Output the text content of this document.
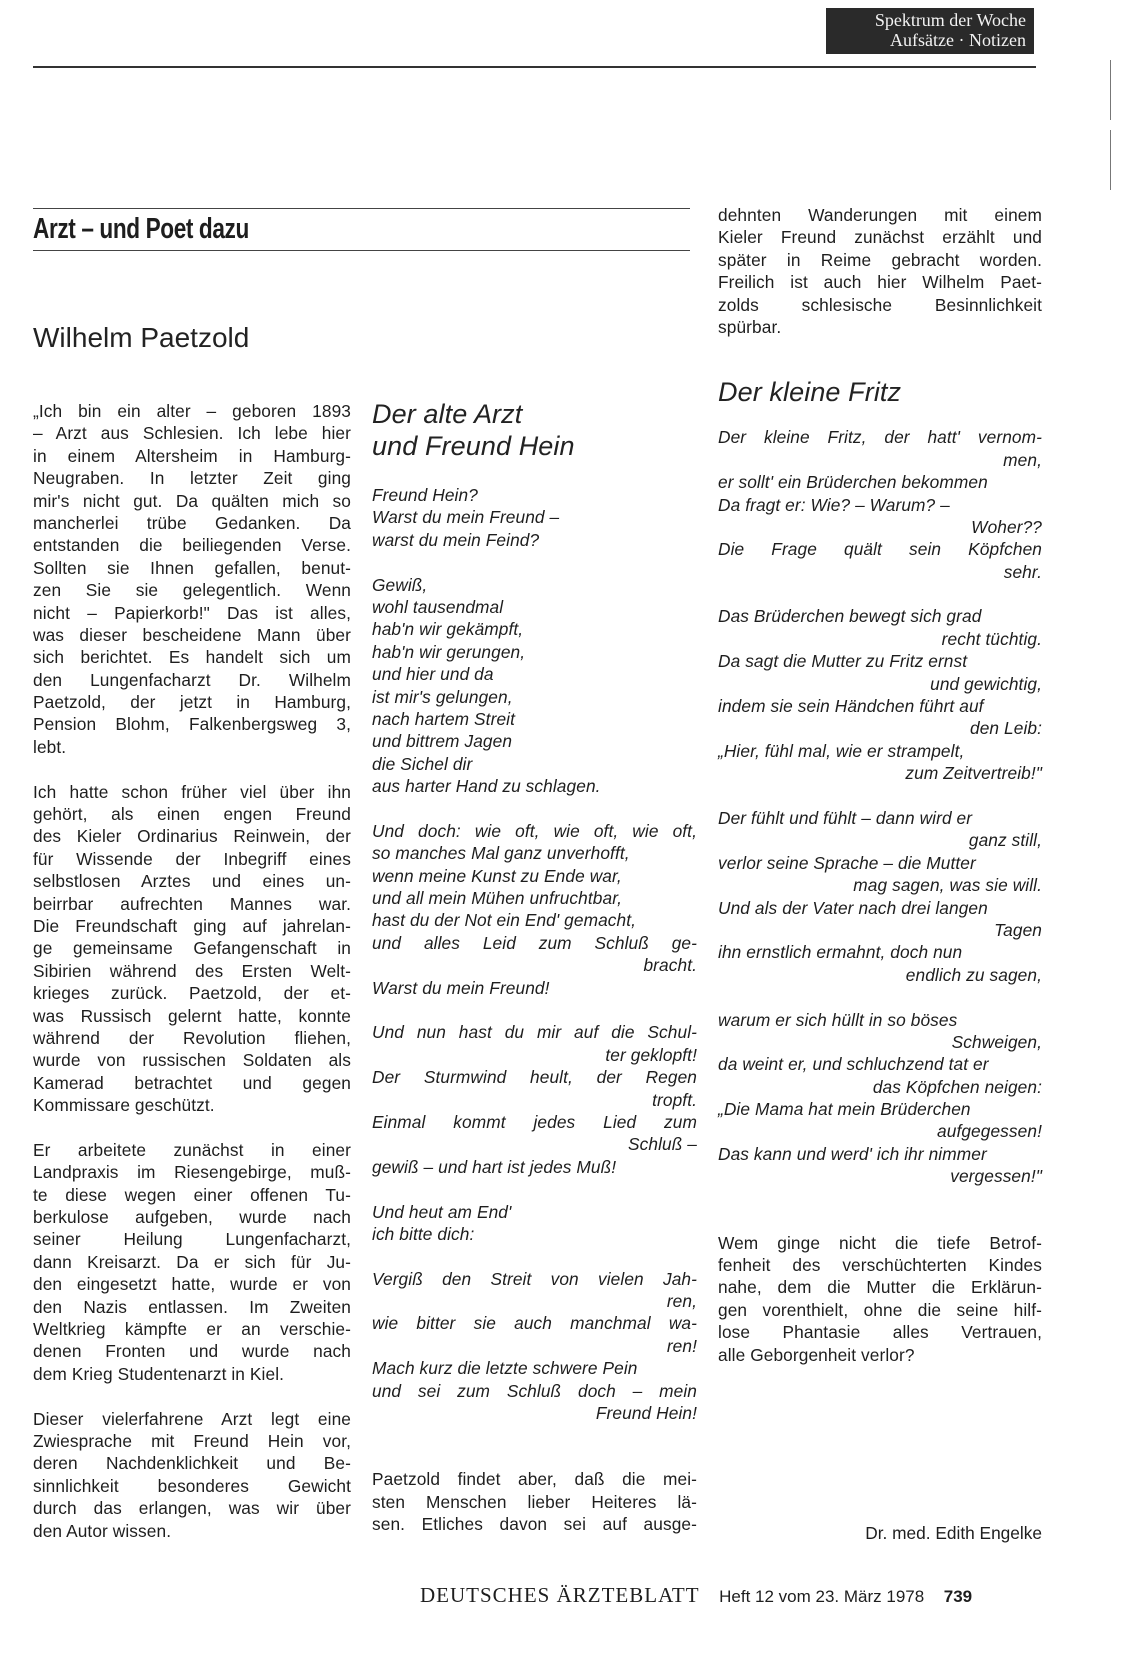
Spektrum der Woche
Aufsätze · Notizen
Arzt – und Poet dazu
Wilhelm Paetzold

„Ich bin ein alter – geboren 1893
– Arzt aus Schlesien. Ich lebe hier
in einem Altersheim in Hamburg-
Neugraben. In letzter Zeit ging
mir's nicht gut. Da quälten mich so
mancherlei trübe Gedanken. Da
entstanden die beiliegenden Verse.
Sollten sie Ihnen gefallen, benut-
zen Sie sie gelegentlich. Wenn
nicht – Papierkorb!" Das ist alles,
was dieser bescheidene Mann über
sich berichtet. Es handelt sich um
den Lungenfacharzt Dr. Wilhelm
Paetzold, der jetzt in Hamburg,
Pension Blohm, Falkenbergsweg 3,
lebt.

Ich hatte schon früher viel über ihn
gehört, als einen engen Freund
des Kieler Ordinarius Reinwein, der
für Wissende der Inbegriff eines
selbstlosen Arztes und eines un-
beirrbar aufrechten Mannes war.
Die Freundschaft ging auf jahrelan-
ge gemeinsame Gefangenschaft in
Sibirien während des Ersten Welt-
krieges zurück. Paetzold, der et-
was Russisch gelernt hatte, konnte
während der Revolution fliehen,
wurde von russischen Soldaten als
Kamerad betrachtet und gegen
Kommissare geschützt.

Er arbeitete zunächst in einer
Landpraxis im Riesengebirge, muß-
te diese wegen einer offenen Tu-
berkulose aufgeben, wurde nach
seiner Heilung Lungenfacharzt,
dann Kreisarzt. Da er sich für Ju-
den eingesetzt hatte, wurde er von
den Nazis entlassen. Im Zweiten
Weltkrieg kämpfte er an verschie-
denen Fronten und wurde nach
dem Krieg Studentenarzt in Kiel.

Dieser vielerfahrene Arzt legt eine
Zwiesprache mit Freund Hein vor,
deren Nachdenklichkeit und Be-
sinnlichkeit besonderes Gewicht
durch das erlangen, was wir über
den Autor wissen.

Der alte Arzt
und Freund Hein

Freund Hein?
Warst du mein Freund –
warst du mein Feind?

Gewiß,
wohl tausendmal
hab'n wir gekämpft,
hab'n wir gerungen,
und hier und da
ist mir's gelungen,
nach hartem Streit
und bittrem Jagen
die Sichel dir
aus harter Hand zu schlagen.

Und doch: wie oft, wie oft, wie oft,
so manches Mal ganz unverhofft,
wenn meine Kunst zu Ende war,
und all mein Mühen unfruchtbar,
hast du der Not ein End' gemacht,
und alles Leid zum Schluß ge-
bracht.
Warst du mein Freund!

Und nun hast du mir auf die Schul-
ter geklopft!
Der Sturmwind heult, der Regen
tropft.
Einmal kommt jedes Lied zum
Schluß –
gewiß – und hart ist jedes Muß!

Und heut am End'
ich bitte dich:

Vergiß den Streit von vielen Jah-
ren,
wie bitter sie auch manchmal wa-
ren!
Mach kurz die letzte schwere Pein
und sei zum Schluß doch – mein
Freund Hein!

Paetzold findet aber, daß die mei-
sten Menschen lieber Heiteres lä-
sen. Etliches davon sei auf ausge-

dehnten Wanderungen mit einem
Kieler Freund zunächst erzählt und
später in Reime gebracht worden.
Freilich ist auch hier Wilhelm Paet-
zolds schlesische Besinnlichkeit
spürbar.

Der kleine Fritz

Der kleine Fritz, der hatt' vernom-
men,
er sollt' ein Brüderchen bekommen
Da fragt er: Wie? – Warum? –
Woher??
Die Frage quält sein Köpfchen
sehr.

Das Brüderchen bewegt sich grad
recht tüchtig.
Da sagt die Mutter zu Fritz ernst
und gewichtig,
indem sie sein Händchen führt auf
den Leib:
„Hier, fühl mal, wie er strampelt,
zum Zeitvertreib!"

Der fühlt und fühlt – dann wird er
ganz still,
verlor seine Sprache – die Mutter
mag sagen, was sie will.
Und als der Vater nach drei langen
Tagen
ihn ernstlich ermahnt, doch nun
endlich zu sagen,

warum er sich hüllt in so böses
Schweigen,
da weint er, und schluchzend tat er
das Köpfchen neigen:
„Die Mama hat mein Brüderchen
aufgegessen!
Das kann und werd' ich ihr nimmer
vergessen!"

Wem ginge nicht die tiefe Betrof-
fenheit des verschüchterten Kindes
nahe, dem die Mutter die Erklärun-
gen vorenthielt, ohne die seine hilf-
lose Phantasie alles Vertrauen,
alle Geborgenheit verlor?

Dr. med. Edith Engelke
DEUTSCHES ÄRZTEBLATT Heft 12 vom 23. März 1978 739
